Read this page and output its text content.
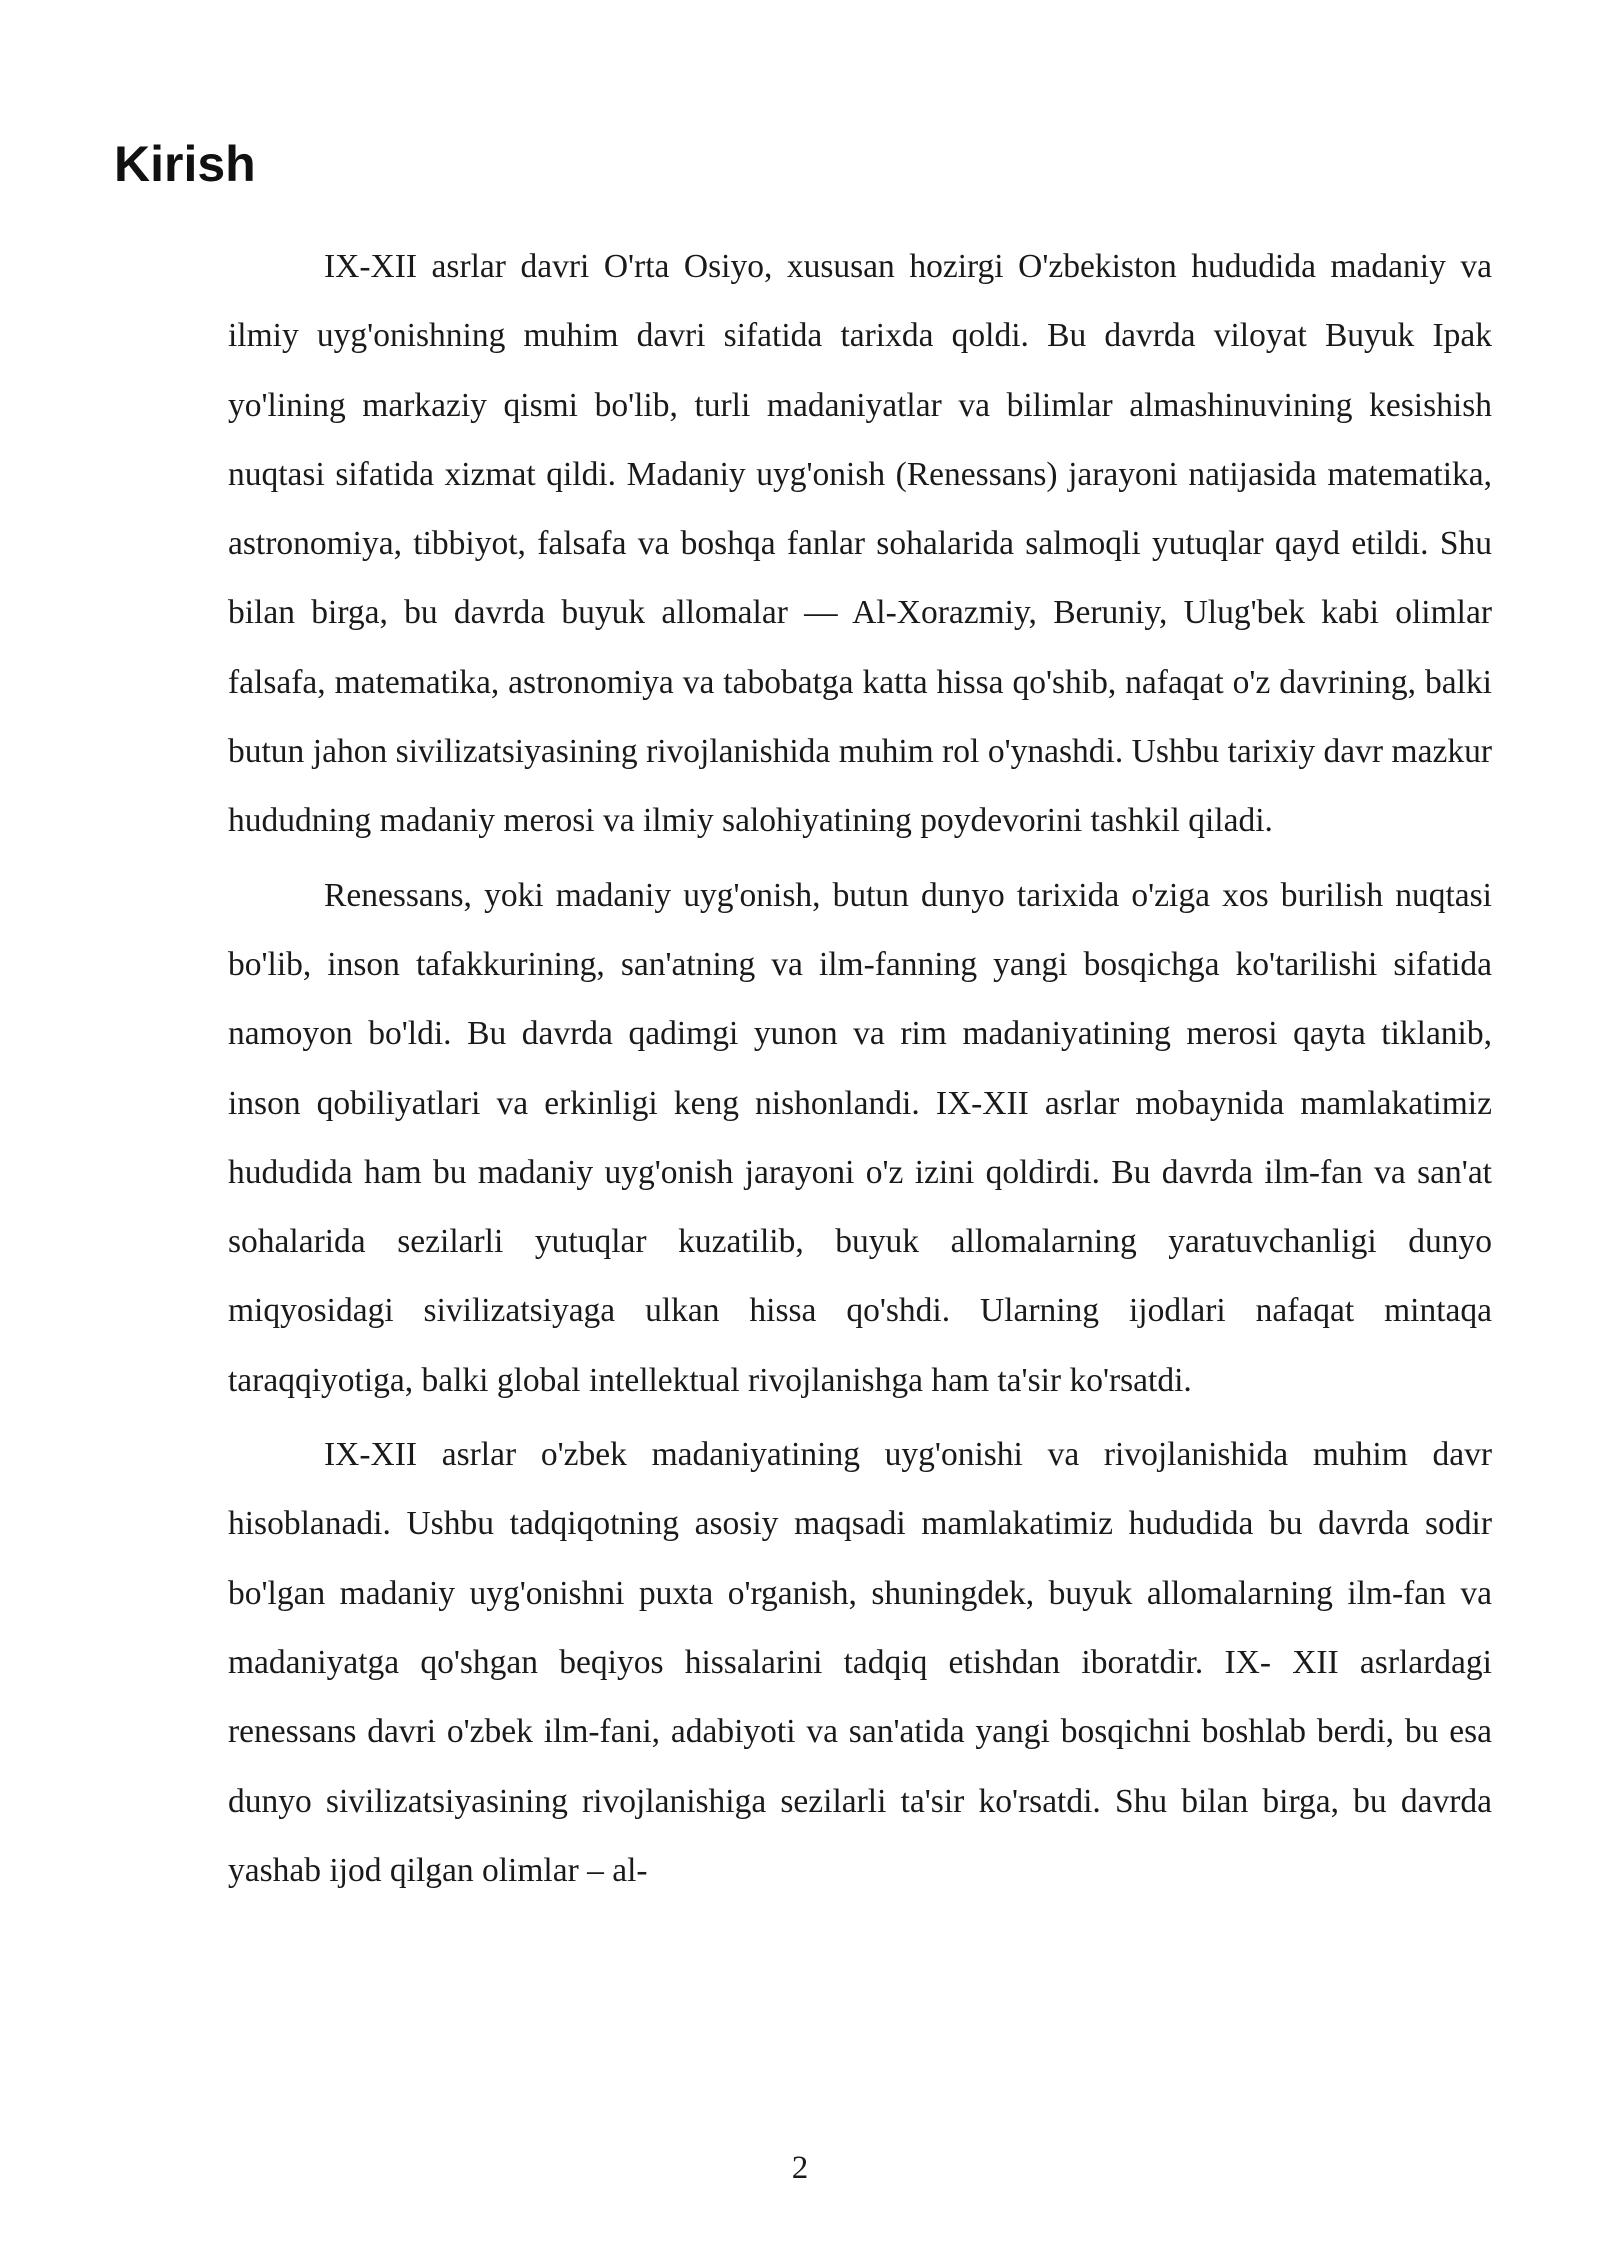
Kirish

IX-XII asrlar davri O'rta Osiyo, xususan hozirgi O'zbekiston hududida madaniy va ilmiy uyg'onishning muhim davri sifatida tarixda qoldi. Bu davrda viloyat Buyuk Ipak yo'lining markaziy qismi bo'lib, turli madaniyatlar va bilimlar almashinuvining kesishish nuqtasi sifatida xizmat qildi. Madaniy uyg'onish (Renessans) jarayoni natijasida matematika, astronomiya, tibbiyot, falsafa va boshqa fanlar sohalarida salmoqli yutuqlar qayd etildi. Shu bilan birga, bu davrda buyuk allomalar — Al-Xorazmiy, Beruniy, Ulug'bek kabi olimlar falsafa, matematika, astronomiya va tabobatga katta hissa qo'shib, nafaqat o'z davrining, balki butun jahon sivilizatsiyasining rivojlanishida muhim rol o'ynashdi. Ushbu tarixiy davr mazkur hududning madaniy merosi va ilmiy salohiyatining poydevorini tashkil qiladi.

Renessans, yoki madaniy uyg'onish, butun dunyo tarixida o'ziga xos burilish nuqtasi bo'lib, inson tafakkurining, san'atning va ilm-fanning yangi bosqichga ko'tarilishi sifatida namoyon bo'ldi. Bu davrda qadimgi yunon va rim madaniyatining merosi qayta tiklanib, inson qobiliyatlari va erkinligi keng nishonlandi. IX-XII asrlar mobaynida mamlakatimiz hududida ham bu madaniy uyg'onish jarayoni o'z izini qoldirdi. Bu davrda ilm-fan va san'at sohalarida sezilarli yutuqlar kuzatilib, buyuk allomalarning yaratuvchanligi dunyo miqyosidagi sivilizatsiyaga ulkan hissa qo'shdi. Ularning ijodlari nafaqat mintaqa taraqqiyotiga, balki global intellektual rivojlanishga ham ta'sir ko'rsatdi.

IX-XII asrlar o'zbek madaniyatining uyg'onishi va rivojlanishida muhim davr hisoblanadi. Ushbu tadqiqotning asosiy maqsadi mamlakatimiz hududida bu davrda sodir bo'lgan madaniy uyg'onishni puxta o'rganish, shuningdek, buyuk allomalarning ilm-fan va madaniyatga qo'shgan beqiyos hissalarini tadqiq etishdan iboratdir. IX- XII asrlardagi renessans davri o'zbek ilm-fani, adabiyoti va san'atida yangi bosqichni boshlab berdi, bu esa dunyo sivilizatsiyasining rivojlanishiga sezilarli ta'sir ko'rsatdi. Shu bilan birga, bu davrda yashab ijod qilgan olimlar – al-

2
